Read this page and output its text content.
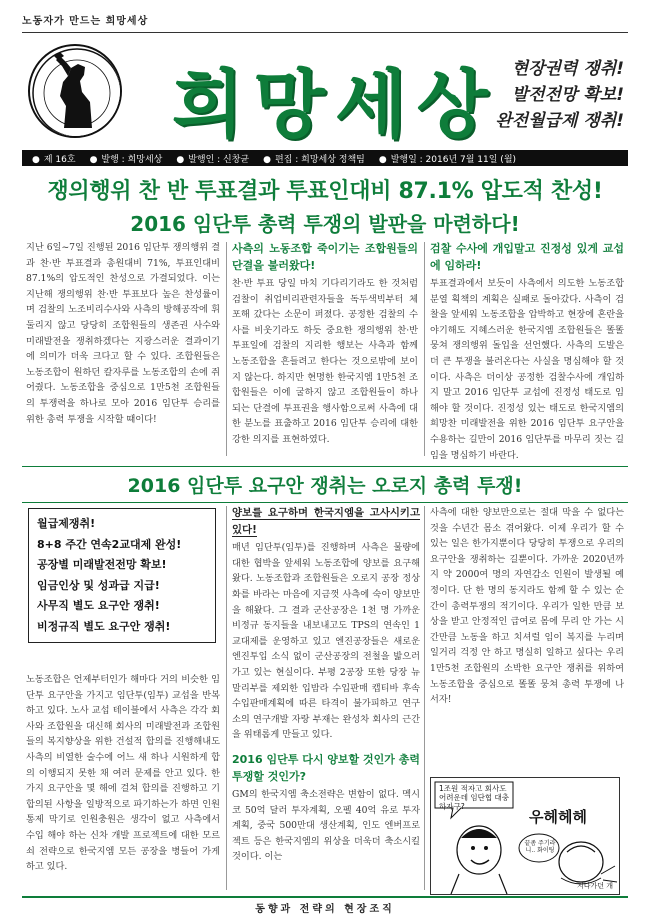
노동자가 만드는 희망세상
희망세상 현장권력 쟁취!
발전전망 확보!
완전월급제 쟁취!
● 제 16호	● 발행 : 희망세상	● 발행인 : 신창균	● 편집 : 희망세상 정책팀	● 발행일 : 2016년 7월 11일 (월)
쟁의행위 찬 반 투표결과 투표인대비 87.1% 압도적 찬성!
2016 임단투 총력 투쟁의 발판을 마련하다!
지난 6일~7일 진행된 2016 임단투 쟁의행위 결과 찬·반 투표결과 총원대비 71%, 투표인대비 87.1%의 압도적인 찬성으로 가결되었다. 이는 지난해 쟁의행위 찬·반 투표보다 높은 찬성률이며 검찰의 노조비리수사와 사측의 방해공작에 휘둘리지 않고 당당히 조합원들의 생존권 사수와 미래발전을 쟁취하겠다는 지광스러운 결과이기에 의미가 더욱 크다고 할 수 있다. 조합원들은 노동조합이 원하던 칼자루를 노동조합의 손에 쥐어줬다. 노동조합을 중심으로 1만5천 조합원들의 투쟁력을 하나로 모아 2016 임단투 승리를 위한 총력 투쟁을 시작할 때이다!
사측의 노동조합 죽이기는 조합원들의 단결을 불러왔다!
찬·반 투표 당일 마치 기다리기라도 한 것처럼 검찰이 취업비리관련자들을 독두색빅부터 체포해 갔다는 소문이 퍼졌다. 공정한 검찰의 수사를 비웃기라도 하듯 중요한 쟁의행위 찬·반 투표일에 검찰의 지리한 행보는 사측과 함께 노동조합을 흔들려고 한다는 것으로밖에 보이지 않는다. 하지만 현명한 한국지엠 1만5천 조합원들은 이에 굴하지 않고 조합원들이 하나 되는 단결에 투표권을 행사함으로써 사측에 대한 분노를 표출하고 2016 임단투 승리에 대한 강한 의지를 표현하였다.
검찰 수사에 개입말고 진정성 있게 교섭에 임하라!
투표결과에서 보듯이 사측에서 의도한 노동조합 분열 획책의 계획은 실패로 돌아갔다. 사측이 검찰을 앞세워 노동조합을 압박하고 현장에 혼란을 야기해도 지혜스러운 한국지엠 조합원들은 똘똘 뭉쳐 쟁의행위 돌입을 선언했다. 사측의 도발은 더 큰 투쟁을 불러온다는 사실을 명심해야 할 것이다. 사측은 더이상 공정한 검찰수사에 개입하지 말고 2016 임단투 교섭에 진정성 태도로 임해야 할 것이다. 진정성 있는 태도로 한국지엠의 희망찬 미래발전을 위한 2016 임단투 요구안을 수용하는 길만이 2016 임단투를 마무리 짓는 길임을 명심하기 바란다.
2016 임단투 요구안 쟁취는 오로지 총력 투쟁!
월급제쟁취!
8+8 주간 연속2교대제 완성!
공장별 미래발전전망 확보!
임금인상 및 성과급 지급!
사무직 별도 요구안 쟁취!
비정규직 별도 요구안 쟁취!
노동조합은 언제부터인가 해마다 거의 비슷한 임단투 요구안을 가지고 임단투(임투) 교섭을 반복하고 있다. 노사 교섭 테이블에서 사측은 각각 회사와 조합원을 대신해 회사의 미래발전과 조합원들의 복지향상을 위한 건설적 합의를 진행해내도 사측의 비열한 술수에 어느 새 하나 시원하게 합의 이행되지 못한 채 여러 문제를 안고 있다. 한가지 요구안을 몇 해에 걸쳐 합의를 진행하고 기 합의된 사항을 일방적으로 파기하는가 하면 인원 통제 막기로 인원충원은 생각이 없고 사측에서 수입 해야 하는 신차 개발 프로젝트에 대한 모르쇠 전략으로 한국지엠 모든 공장을 병들어 가게 하고 있다.
양보를 요구하며 한국지엠을 고사시키고 있다!
매년 임단투(임투)를 진행하며 사측은 물량에 대한 협박을 앞세워 노동조합에 양보를 요구해 왔다. 노동조합과 조합원들은 오로지 공장 정상화를 바라는 마음에 지금껏 사측에 숙이 양보만을 해왔다. 그 결과 군산공장은 1천 명 가까운 비정규 동지들을 내보내고도 TPS의 연속인 1교대제를 운영하고 있고 엔진공장들은 새로운 엔진투입 소식 없이 군산공장의 전철을 밟으러 가고 있는 현실이다. 부평 2공장 또한 당장 뉴 말리부를 제외한 입밤라 수입판매 캡티바 후속 수입판매계획에 따른 타격이 불가피하고 연구소의 연구개발 자랑 부재는 완성차 회사의 근간을 위태롭게 만들고 있다.
2016 임단투 다시 양보할 것인가 총력 투쟁할 것인가?
GM의 한국지엠 축소전략은 변함이 없다. 멕시코 50억 달러 투자계획, 오펠 40억 유로 투자계획, 중국 500만대 생산계획, 인도 엔버프로젝트 등은 한국지엠의 위상을 더욱더 축소시킬 것이다. 이는
사측에 대한 양보만으로는 절대 막을 수 없다는 것을 수년간 몸소 겪어왔다. 이제 우리가 할 수 있는 일은 한가지뿐이다 당당히 투쟁으로 우리의 요구안을 쟁취하는 길뿐이다. 가까운 2020년까지 약 2000여 명의 자연감소 인원이 발생될 예정이다. 단 한 명의 동지라도 함께 할 수 있는 순간이 총력투쟁의 적기이다. 우리가 일한 만큼 보상을 받고 안정적인 급여로 몸에 무리 안 가는 시간만큼 노동을 하고 치셔럴 임이 복지를 누리며 일거리 걱정 안 하고 명실히 일하고 싶다는 우리 1만5천 조합원의 소박한 요구안 쟁취를 위하여 노동조합을 중심으로 똘똘 뭉쳐 총력 투쟁에 나서자!
1조원 적자고 회사도 어려운데 임단협 대충하자구?
우헤헤헤
끝좀 주기라니.. 화이팅
지나가던 개
동향과 전략의 현장조직
